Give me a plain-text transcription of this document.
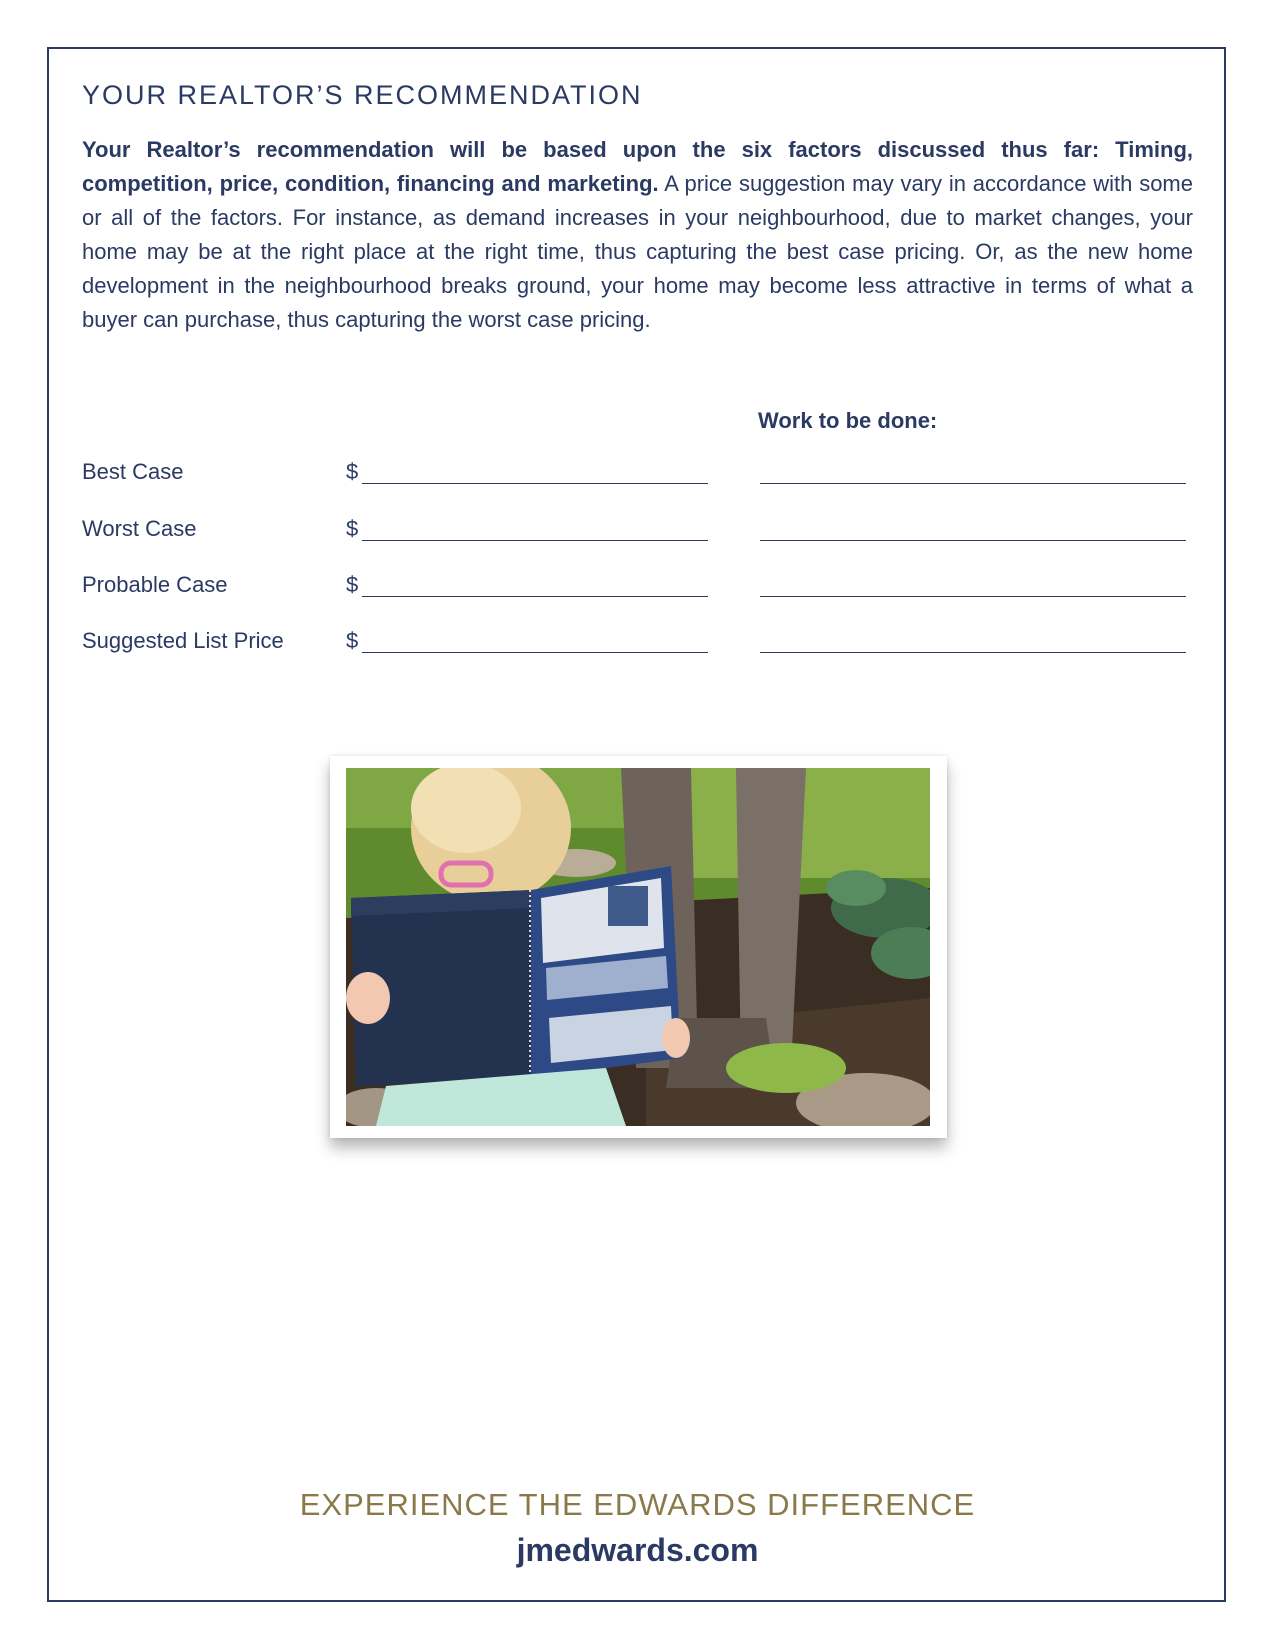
YOUR REALTOR’S RECOMMENDATION

Your Realtor’s recommendation will be based upon the six factors discussed thus far: Timing, competition, price, condition, financing and marketing. A price suggestion may vary in accordance with some or all of the factors. For instance, as demand increases in your neighbourhood, due to market changes, your home may be at the right place at the right time, thus capturing the best case pricing. Or, as the new home development in the neighbourhood breaks ground, your home may become less attractive in terms of what a buyer can purchase, thus capturing the worst case pricing.

Work to be done:
Best Case	$
Worst Case	$
Probable Case	$
Suggested List Price	$
EXPERIENCE THE EDWARDS DIFFERENCE
jmedwards.com
